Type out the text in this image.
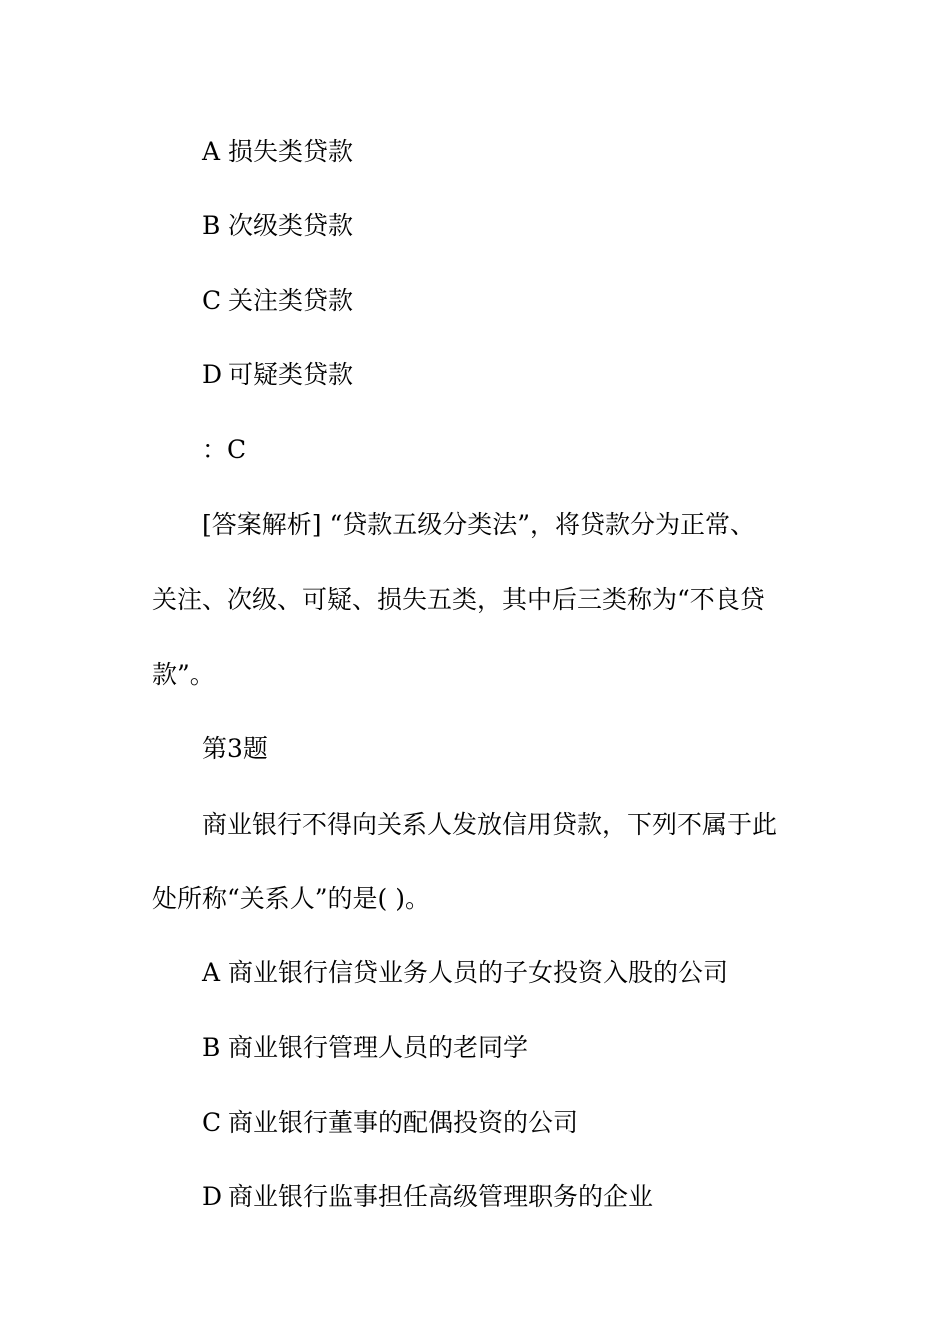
A 损失类贷款
B 次级类贷款
C 关注类贷款
D 可疑类贷款
：C
[答案解析] “贷款五级分类法”，将贷款分为正常、
关注、次级、可疑、损失五类，其中后三类称为“不良贷
款”。
第3题
商业银行不得向关系人发放信用贷款，下列不属于此
处所称“关系人”的是( )。
A 商业银行信贷业务人员的子女投资入股的公司
B 商业银行管理人员的老同学
C 商业银行董事的配偶投资的公司
D 商业银行监事担任高级管理职务的企业
